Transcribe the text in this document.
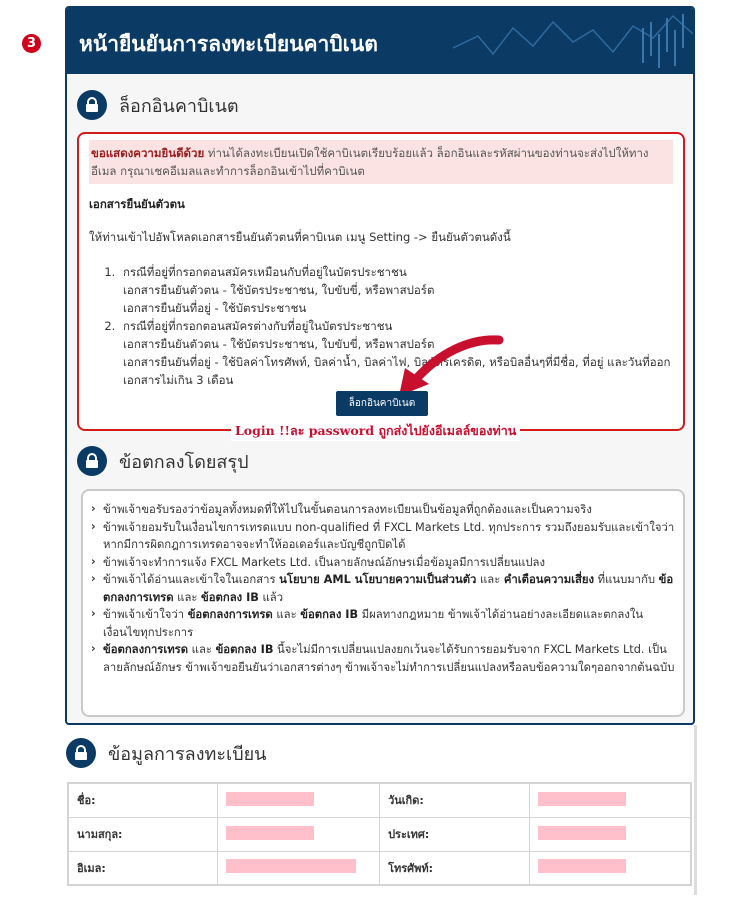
3 หน้ายืนยันการลงทะเบียนคาบิเนต
ล็อกอินคาบิเนต
ขอแสดงความยินดีด้วย ท่านได้ลงทะเบียนเปิดใช้คาบิเนตเรียบร้อยแล้ว ล็อกอินและรหัสผ่านของท่านจะส่งไปให้ทางอีเมล กรุณาเชคอีเมลและทำการล็อกอินเข้าไปที่คาบิเนต
เอกสารยืนยันตัวตน
ให้ท่านเข้าไปอัพโหลดเอกสารยืนยันตัวตนที่คาบิเนต เมนู Setting -> ยืนยันตัวตนดังนี้
1. กรณีที่อยู่ที่กรอกตอนสมัครเหมือนกับที่อยู่ในบัตรประชาชน
เอกสารยืนยันตัวตน - ใช้บัตรประชาชน, ใบขับขี่, หรือพาสปอร์ต
เอกสารยืนยันที่อยู่ - ใช้บัตรประชาชน
2. กรณีที่อยู่ที่กรอกตอนสมัครต่างกับที่อยู่ในบัตรประชาชน
เอกสารยืนยันตัวตน - ใช้บัตรประชาชน, ใบขับขี่, หรือพาสปอร์ต
เอกสารยืนยันที่อยู่ - ใช้บิลค่าโทรศัพท์, บิลค่าน้ำ, บิลค่าไฟ, บิลบัตรเครดิต, หรือบิลอื่นๆที่มีชื่อ, ที่อยู่ และวันที่ออกเอกสารไม่เกิน 3 เดือน
ล็อกอินคาบิเนต
Login !!ละ password ถูกส่งไปยังอีเมลล์ของท่าน
ข้อตกลงโดยสรุป
› ข้าพเจ้าขอรับรองว่าข้อมูลทั้งหมดที่ให้ไปในขั้นตอนการลงทะเบียนเป็นข้อมูลที่ถูกต้องและเป็นความจริง
› ข้าพเจ้ายอมรับในเงื่อนไขการเทรดแบบ non-qualified ที่ FXCL Markets Ltd. ทุกประการ รวมถึงยอมรับและเข้าใจว่าหากมีการผิดกฎการเทรดอาจจะทำให้ออเดอร์และบัญชีถูกปิดได้
› ข้าพเจ้าจะทำการแจ้ง FXCL Markets Ltd. เป็นลายลักษณ์อักษรเมื่อข้อมูลมีการเปลี่ยนแปลง
› ข้าพเจ้าได้อ่านและเข้าใจในเอกสาร นโยบาย AML นโยบายความเป็นส่วนตัว และ คำเตือนความเสี่ยง ที่แนบมากับ ข้อตกลงการเทรด และ ข้อตกลง IB แล้ว
› ข้าพเจ้าเข้าใจว่า ข้อตกลงการเทรด และ ข้อตกลง IB มีผลทางกฎหมาย ข้าพเจ้าได้อ่านอย่างละเอียดและตกลงในเงื่อนไขทุกประการ
› ข้อตกลงการเทรด และ ข้อตกลง IB นี้จะไม่มีการเปลี่ยนแปลงยกเว้นจะได้รับการยอมรับจาก FXCL Markets Ltd. เป็นลายลักษณ์อักษร ข้าพเจ้าขอยืนยันว่าเอกสารต่างๆ ข้าพเจ้าจะไม่ทำการเปลี่ยนแปลงหรือลบข้อความใดๆออกจากต้นฉบับ
ข้อมูลการลงทะเบียน
ชื่อ:		วันเกิด:	
นามสกุล:		ประเทศ:	
อิเมล:		โทรศัพท์:	
